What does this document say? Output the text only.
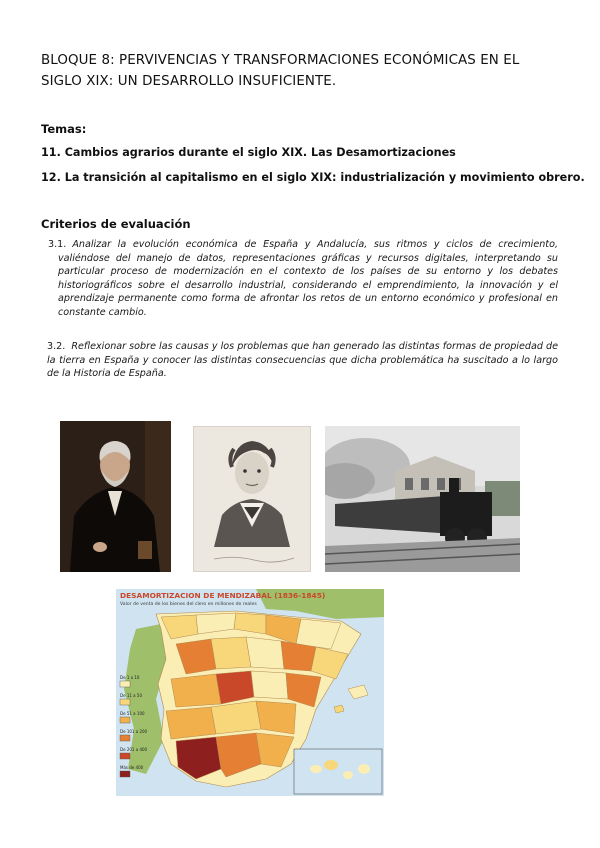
BLOQUE 8: PERVIVENCIAS Y TRANSFORMACIONES ECONÓMICAS EN EL SIGLO XIX: UN DESARROLLO INSUFICIENTE.
Temas:
11. Cambios agrarios durante el siglo XIX. Las Desamortizaciones
12. La transición al capitalismo en el siglo XIX: industrialización y movimiento obrero.
Criterios de evaluación
3.1. Analizar la evolución económica de España y Andalucía, sus ritmos y ciclos de crecimiento, valiéndose del manejo de datos, representaciones gráficas y recursos digitales, interpretando su particular proceso de modernización en el contexto de los países de su entorno y los debates historiográficos sobre el desarrollo industrial, considerando el emprendimiento, la innovación y el aprendizaje permanente como forma de afrontar los retos de un entorno económico y profesional en constante cambio.
3.2. Reflexionar sobre las causas y los problemas que han generado las distintas formas de propiedad de la tierra en España y conocer las distintas consecuencias que dicha problemática ha suscitado a lo largo de la Historia de España.
DESAMORTIZACION DE MENDIZABAL (1836-1845)
Valor de venta de los bienes del clero en millones de reales
De 1 a 10
De 11 a 50
De 51 a 100
De 101 a 200
De 201 a 400
Más de 400
